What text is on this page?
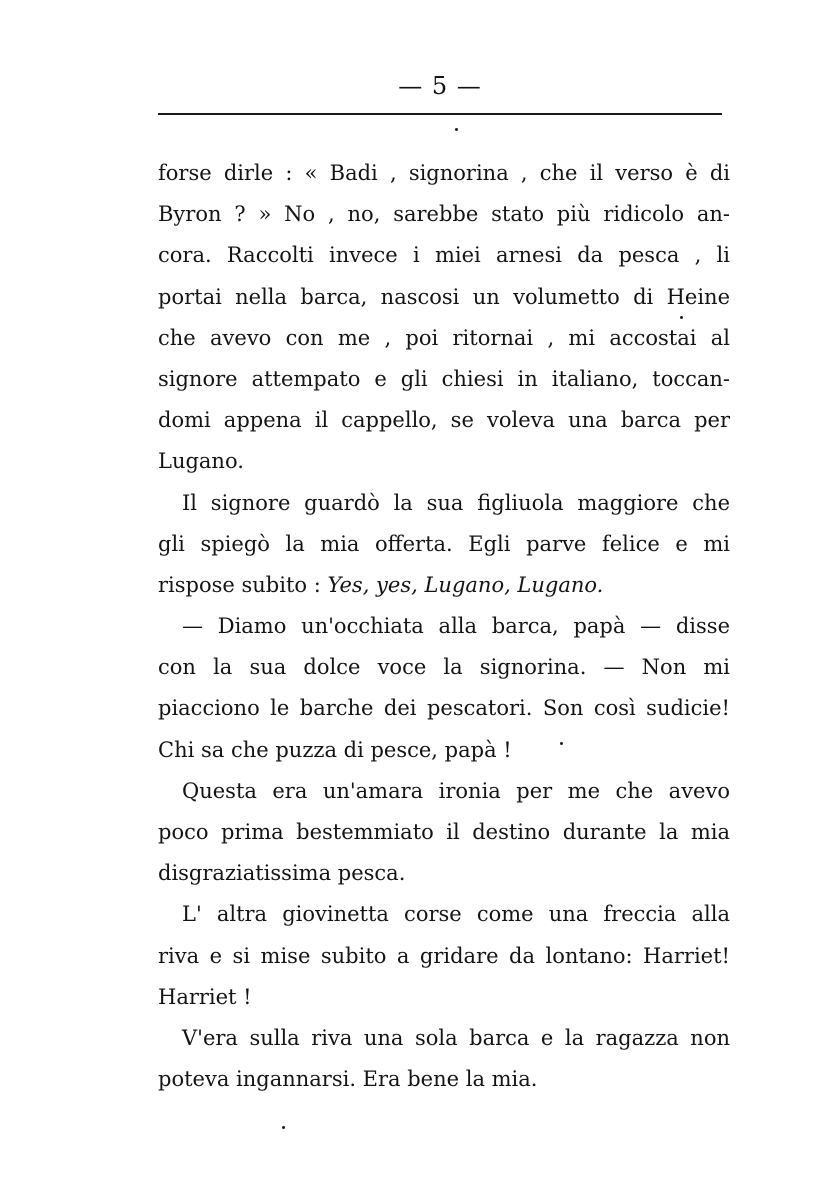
— 5 —
forse dirle : « Badi , signorina , che il verso è di
Byron ? » No , no, sarebbe stato più ridicolo an-
cora. Raccolti invece i miei arnesi da pesca , li
portai nella barca, nascosi un volumetto di Heine
che avevo con me , poi ritornai , mi accostai al
signore attempato e gli chiesi in italiano, toccan-
domi appena il cappello, se voleva una barca per
Lugano.
Il signore guardò la sua figliuola maggiore che
gli spiegò la mia offerta. Egli parve felice e mi
rispose subito : Yes, yes, Lugano, Lugano.
— Diamo un'occhiata alla barca, papà — disse
con la sua dolce voce la signorina. — Non mi
piacciono le barche dei pescatori. Son così sudicie!
Chi sa che puzza di pesce, papà !
Questa era un'amara ironia per me che avevo
poco prima bestemmiato il destino durante la mia
disgraziatissima pesca.
L' altra giovinetta corse come una freccia alla
riva e si mise subito a gridare da lontano: Harriet!
Harriet !
V'era sulla riva una sola barca e la ragazza non
poteva ingannarsi. Era bene la mia.
